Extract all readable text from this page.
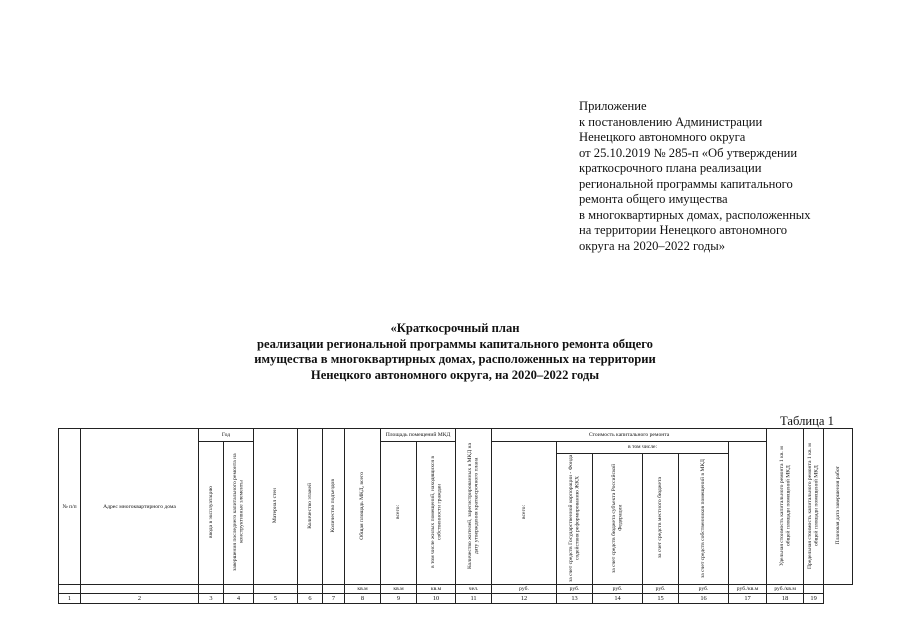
Приложение
к постановлению Администрации
Ненецкого автономного округа
от 25.10.2019 № 285-п «Об утверждении
краткосрочного плана реализации
региональной программы капитального
ремонта общего имущества
в многоквартирных домах, расположенных
на территории Ненецкого автономного
округа на 2020–2022 годы»
«Краткосрочный план
реализации региональной программы капитального ремонта общего
имущества в многоквартирных домах, расположенных на территории
Ненецкого автономного округа, на 2020–2022 годы
Таблица 1
№ п/п	Адрес многоквартирного дома	Год		Материал стен	Количество этажей	Количество подъездов	Общая площадь МКД, всего	Площадь помещений МКД		Количество жителей, зарегистрированных в МКД на дату утверждения краткосрочного плана	Стоимость капитального ремонта						Удельная стоимость капитального ремонта 1 кв. м общей площади помещений МКД	Предельная стоимость капитального ремонта 1 кв. м общей площади помещений МКД	Плановая дата завершения работ
		ввода в эксплуатацию	завершения последнего капитального ремонта на конструктивные элементы					всего:	в том числе жилых помещений, находящихся в собственности граждан		всего:	в том числе:							
												за счет средств Государственной корпорации - Фонда содействия реформированию ЖКХ	за счет средств бюджета субъекта Российской Федерации	за счет средств местного бюджета	за счет средств собственников помещений в МКД				
							кв.м	кв.м	кв.м	чел.	руб.	руб.	руб.	руб.	руб.	руб./кв.м	руб./кв.м		
1	2	3	4	5	6	7	8	9	10	11	12	13	14	15	16	17	18	19	
